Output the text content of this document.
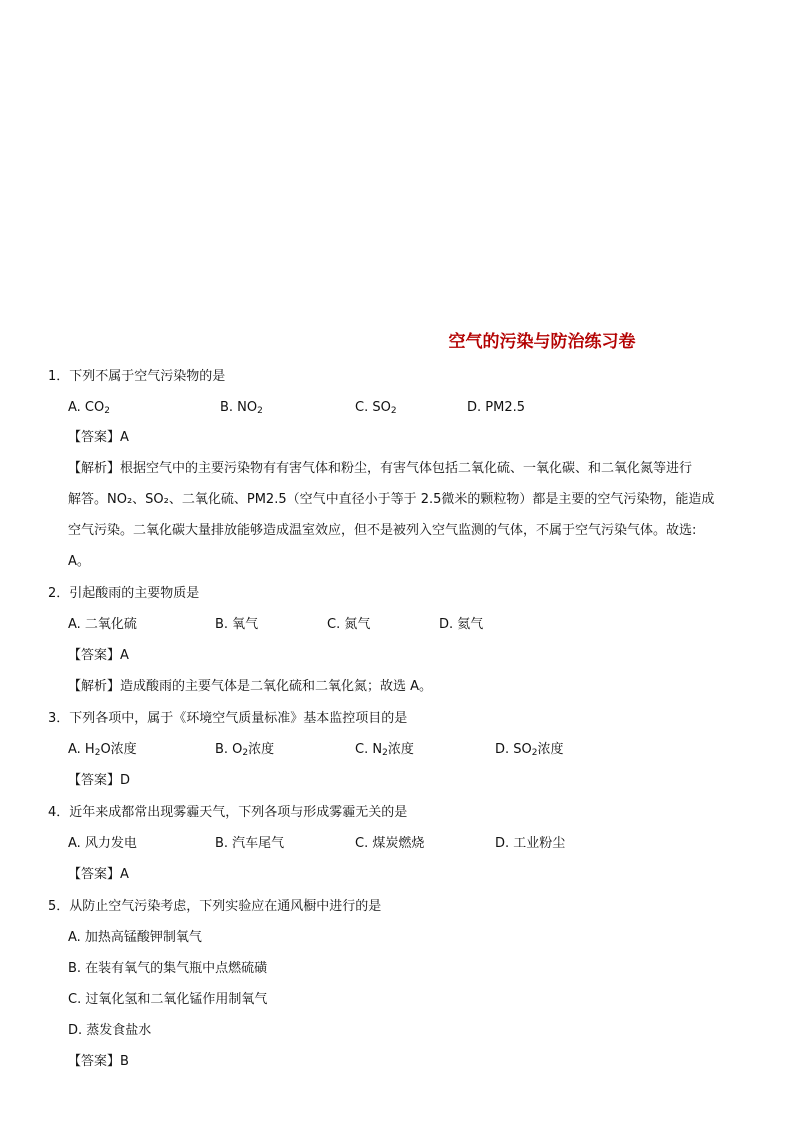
空气的污染与防治练习卷
1．下列不属于空气污染物的是
A. $CO_2$	B. $NO_2$	C. $SO_2$	D. PM2.5
【答案】A
【解析】根据空气中的主要污染物有有害气体和粉尘，有害气体包括二氧化硫、一氧化碳、和二氧化氮等进行
解答。NO₂、SO₂、二氧化硫、PM2.5（空气中直径小于等于 2.5微米的颗粒物）都是主要的空气污染物，能造成
空气污染。二氧化碳大量排放能够造成温室效应，但不是被列入空气监测的气体，不属于空气污染气体。故选:
A。
2．引起酸雨的主要物质是
A. 二氧化硫	B. 氧气	C. 氮气	D. 氦气
【答案】A
【解析】造成酸雨的主要气体是二氧化硫和二氧化氮；故选 A。
3．下列各项中，属于《环境空气质量标准》基本监控项目的是
A. $H_2O$浓度	B. $O_2$浓度	C. $N_2$浓度	D. $SO_2$浓度
【答案】D
4．近年来成都常出现雾霾天气，下列各项与形成雾霾无关的是
A. 风力发电	B. 汽车尾气	C. 煤炭燃烧	D. 工业粉尘
【答案】A
5．从防止空气污染考虑，下列实验应在通风橱中进行的是
A. 加热高锰酸钾制氧气
B. 在装有氧气的集气瓶中点燃硫磺
C. 过氧化氢和二氧化锰作用制氧气
D. 蒸发食盐水
【答案】B
